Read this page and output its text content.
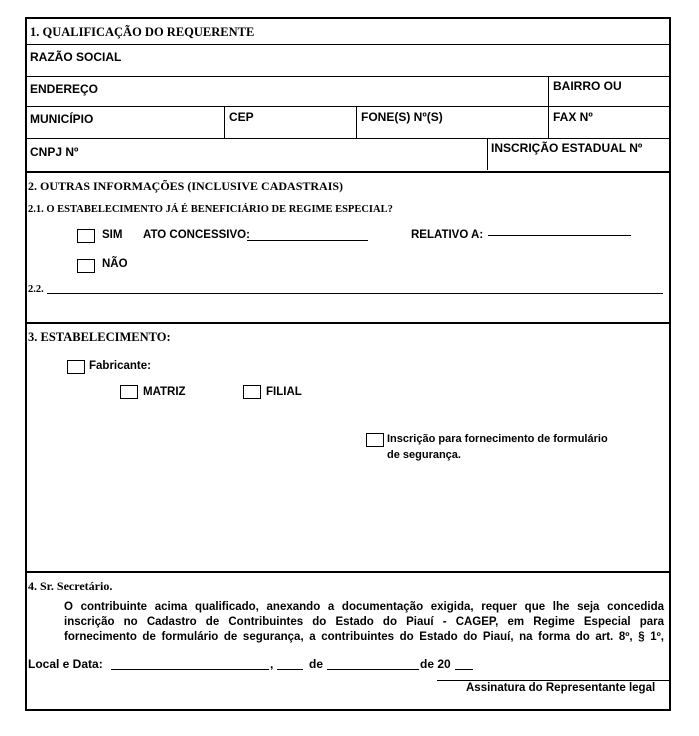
1. QUALIFICAÇÃO DO REQUERENTE
RAZÃO SOCIAL
ENDEREÇO	BAIRRO OU
MUNICÍPIO	CEP	FONE(S) Nº(S)	FAX Nº
CNPJ Nº	INSCRIÇÃO ESTADUAL Nº
2. OUTRAS INFORMAÇÕES (INCLUSIVE CADASTRAIS)
2.1. O ESTABELECIMENTO JÁ É BENEFICIÁRIO DE REGIME ESPECIAL?
SIM ATO CONCESSIVO:	RELATIVO A:
NÃO
2.2.
3. ESTABELECIMENTO:
Fabricante:
MATRIZ	FILIAL
Inscrição para fornecimento de formulário
de segurança.
4. Sr. Secretário.
O contribuinte acima qualificado, anexando a documentação exigida, requer que lhe seja concedida
inscrição no Cadastro de Contribuintes do Estado do Piauí - CAGEP, em Regime Especial para
fornecimento de formulário de segurança, a contribuintes do Estado do Piauí, na forma do art. 8º, § 1º,
Local e Data:	,	de	de 20
Assinatura do Representante legal
